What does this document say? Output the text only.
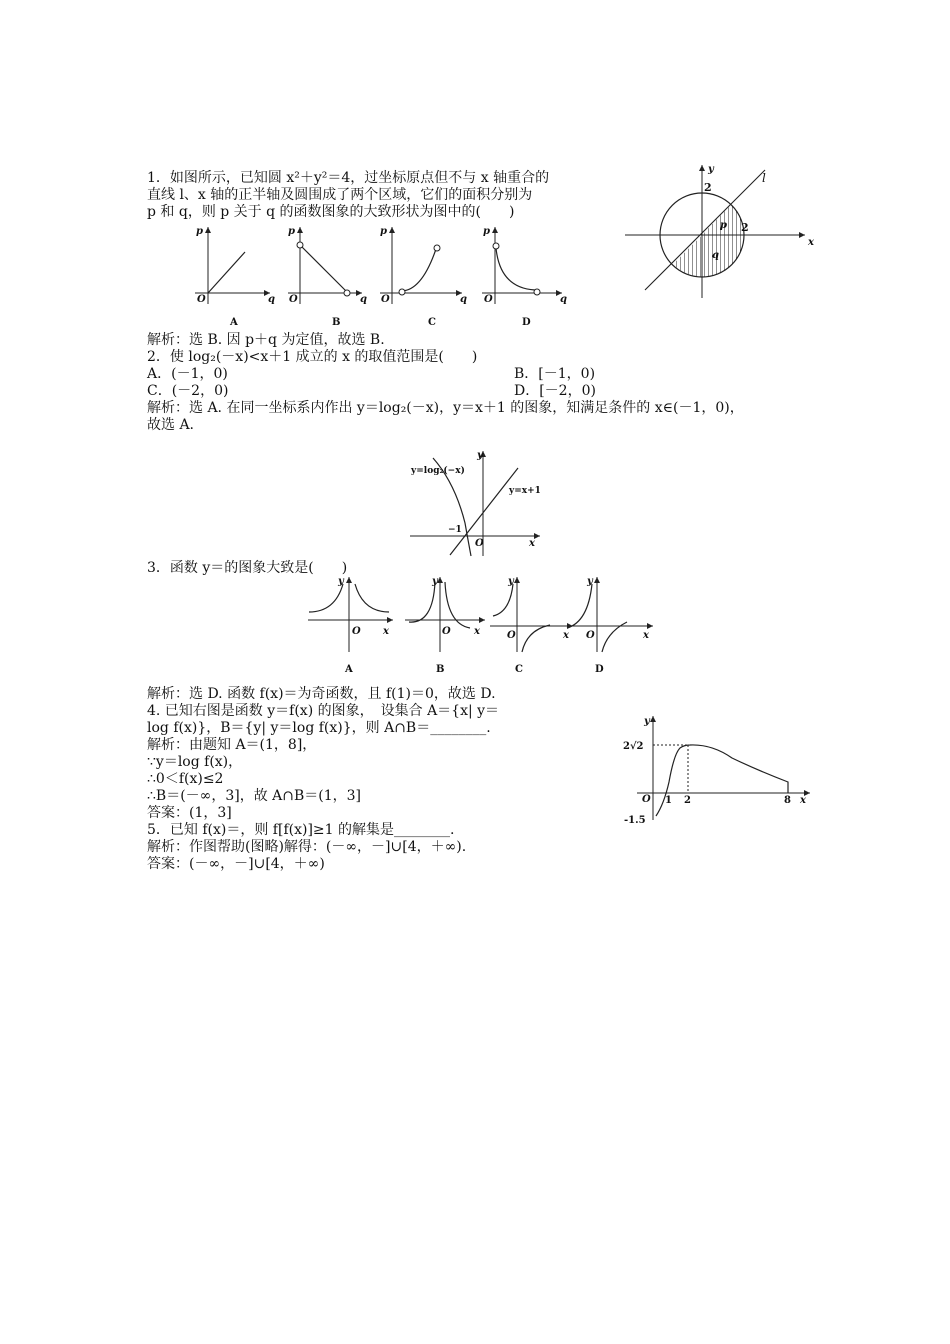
1．如图所示，已知圆 x²＋y²＝4，过坐标原点但不与 x 轴重合的
直线 l、x 轴的正半轴及圆围成了两个区域，它们的面积分别为
p 和 q，则 p 关于 q 的函数图象的大致形状为图中的(　　)
y
2
l
p
q
2
x
p
O	q
A
p
O	q
B
p
O	q
C
p
O	q
D
解析：选 B. 因 p＋q 为定值，故选 B.
2．使 log₂(－x)<x＋1 成立的 x 的取值范围是(　　)
A．(－1，0)	B．[－1，0)
C．(－2，0)	D．[－2，0)
解析：选 A. 在同一坐标系内作出 y＝log₂(－x)，y＝x＋1 的图象，知满足条件的 x∈(－1，0)，
故选 A.
y=log₂(−x)
y=x+1
y
−1
O	x
3．函数 y＝的图象大致是(　　)
y
O x
A
y
O x
B
y
O	x
C
y
O	x
D
解析：选 D. 函数 f(x)＝为奇函数，且 f(1)＝0，故选 D.
4. 已知右图是函数 y＝f(x) 的图象，　设集合 A＝{x| y＝
log f(x)}，B＝{y| y＝log f(x)}，则 A∩B＝________.
解析：由题知 A＝(1，8]，
∵y＝log f(x)，
∴0＜f(x)≤2
∴B＝(－∞，3]，故 A∩B＝(1，3]
答案：(1，3]
y
2√2
O 1 2	8 x
-1.5
5．已知 f(x)＝，则 f[f(x)]≥1 的解集是________.
解析：作图帮助(图略)解得：(－∞，－]∪[4，＋∞).
答案：(－∞，－]∪[4，＋∞)
